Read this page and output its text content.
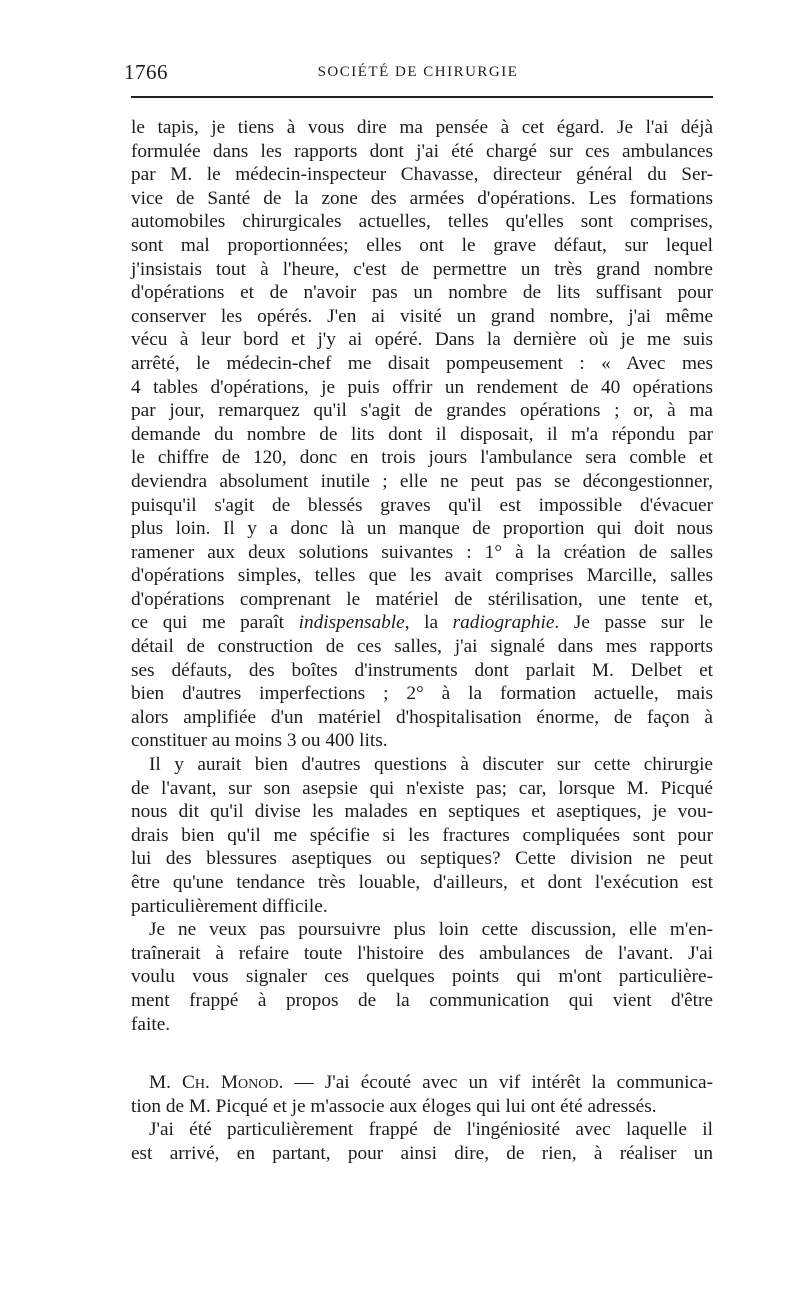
1766	SOCIÉTÉ DE CHIRURGIE
le tapis, je tiens à vous dire ma pensée à cet égard. Je l'ai déjà
formulée dans les rapports dont j'ai été chargé sur ces ambulances
par M. le médecin-inspecteur Chavasse, directeur général du Ser-
vice de Santé de la zone des armées d'opérations. Les formations
automobiles chirurgicales actuelles, telles qu'elles sont comprises,
sont mal proportionnées; elles ont le grave défaut, sur lequel
j'insistais tout à l'heure, c'est de permettre un très grand nombre
d'opérations et de n'avoir pas un nombre de lits suffisant pour
conserver les opérés. J'en ai visité un grand nombre, j'ai même
vécu à leur bord et j'y ai opéré. Dans la dernière où je me suis
arrêté, le médecin-chef me disait pompeusement : « Avec mes
4 tables d'opérations, je puis offrir un rendement de 40 opérations
par jour, remarquez qu'il s'agit de grandes opérations ; or, à ma
demande du nombre de lits dont il disposait, il m'a répondu par
le chiffre de 120, donc en trois jours l'ambulance sera comble et
deviendra absolument inutile ; elle ne peut pas se décongestionner,
puisqu'il s'agit de blessés graves qu'il est impossible d'évacuer
plus loin. Il y a donc là un manque de proportion qui doit nous
ramener aux deux solutions suivantes : 1° à la création de salles
d'opérations simples, telles que les avait comprises Marcille, salles
d'opérations comprenant le matériel de stérilisation, une tente et,
ce qui me paraît indispensable, la radiographie. Je passe sur le
détail de construction de ces salles, j'ai signalé dans mes rapports
ses défauts, des boîtes d'instruments dont parlait M. Delbet et
bien d'autres imperfections ; 2° à la formation actuelle, mais
alors amplifiée d'un matériel d'hospitalisation énorme, de façon à
constituer au moins 3 ou 400 lits.
Il y aurait bien d'autres questions à discuter sur cette chirurgie
de l'avant, sur son asepsie qui n'existe pas; car, lorsque M. Picqué
nous dit qu'il divise les malades en septiques et aseptiques, je vou-
drais bien qu'il me spécifie si les fractures compliquées sont pour
lui des blessures aseptiques ou septiques? Cette division ne peut
être qu'une tendance très louable, d'ailleurs, et dont l'exécution est
particulièrement difficile.
Je ne veux pas poursuivre plus loin cette discussion, elle m'en-
traînerait à refaire toute l'histoire des ambulances de l'avant. J'ai
voulu vous signaler ces quelques points qui m'ont particulière-
ment frappé à propos de la communication qui vient d'être
faite.
M. Ch. Monod. — J'ai écouté avec un vif intérêt la communica-
tion de M. Picqué et je m'associe aux éloges qui lui ont été adressés.
J'ai été particulièrement frappé de l'ingéniosité avec laquelle il
est arrivé, en partant, pour ainsi dire, de rien, à réaliser un
